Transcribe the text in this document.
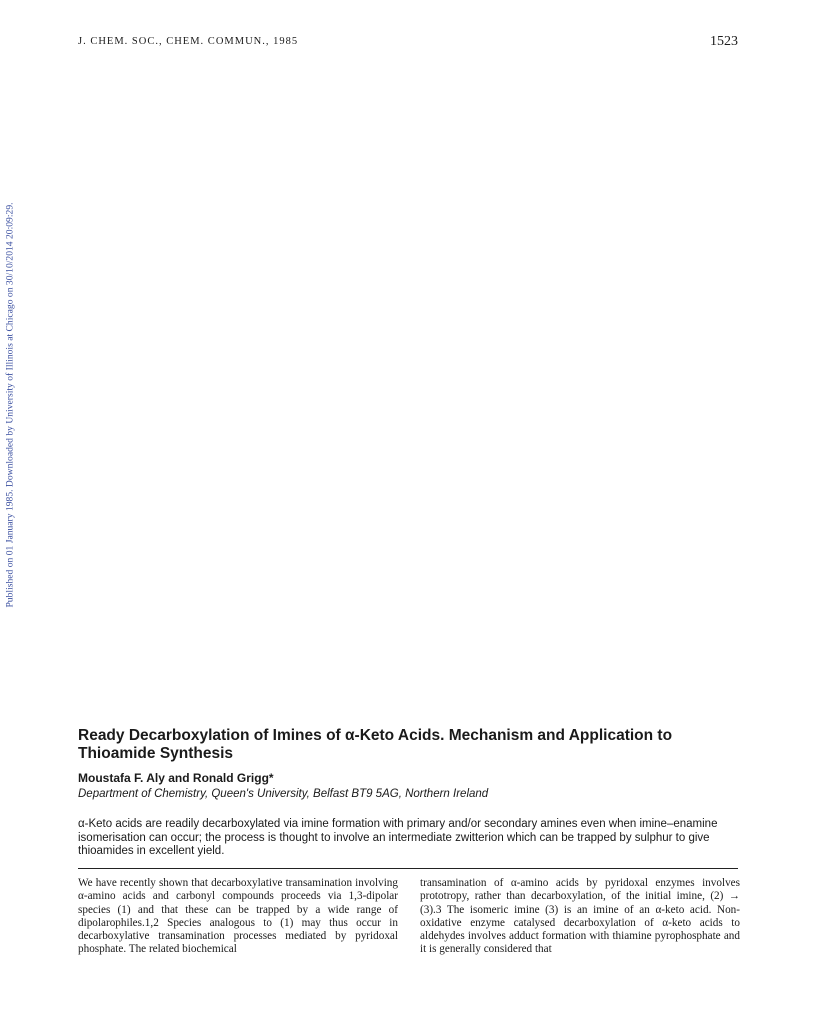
J. CHEM. SOC., CHEM. COMMUN., 1985	1523
Published on 01 January 1985. Downloaded by University of Illinois at Chicago on 30/10/2014 20:09:29.
Ready Decarboxylation of Imines of α-Keto Acids. Mechanism and Application to Thioamide Synthesis
Moustafa F. Aly and Ronald Grigg*
Department of Chemistry, Queen's University, Belfast BT9 5AG, Northern Ireland

α-Keto acids are readily decarboxylated via imine formation with primary and/or secondary amines even when imine–enamine isomerisation can occur; the process is thought to involve an intermediate zwitterion which can be trapped by sulphur to give thioamides in excellent yield.

We have recently shown that decarboxylative transamination involving α-amino acids and carbonyl compounds proceeds via 1,3-dipolar species (1) and that these can be trapped by a wide range of dipolarophiles.1,2 Species analogous to (1) may thus occur in decarboxylative transamination processes mediated by pyridoxal phosphate. The related biochemical

transamination of α-amino acids by pyridoxal enzymes involves prototropy, rather than decarboxylation, of the initial imine, (2) → (3).3 The isomeric imine (3) is an imine of an α-keto acid. Non-oxidative enzyme catalysed decarboxylation of α-keto acids to aldehydes involves adduct formation with thiamine pyrophosphate and it is generally considered that
